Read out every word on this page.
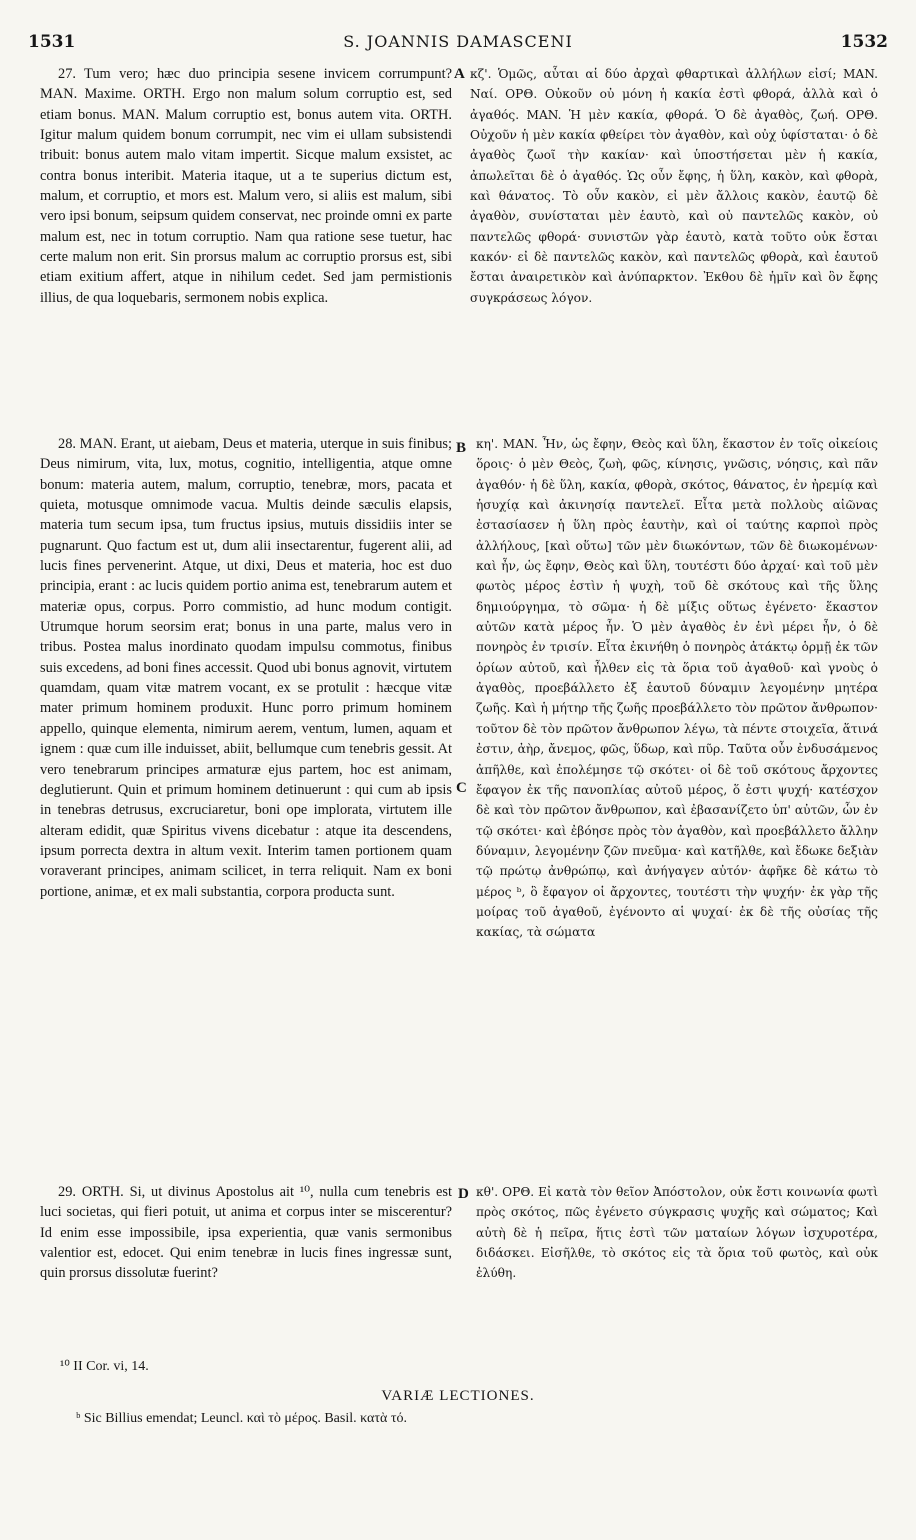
1531	S. JOANNIS DAMASCENI	1532

27. Tum vero; hæc duo principia sesene invicem corrumpunt? MAN. Maxime. ORTH. Ergo non malum solum corruptio est, sed etiam bonus. MAN. Malum corruptio est, bonus autem vita. ORTH. Igitur malum quidem bonum corrumpit, nec vim ei ullam subsistendi tribuit: bonus autem malo vitam impertit. Sicque malum exsistet, ac contra bonus interibit. Materia itaque, ut a te superius dictum est, malum, et corruptio, et mors est. Malum vero, si aliis est malum, sibi vero ipsi bonum, seipsum quidem conservat, nec proinde omni ex parte malum est, nec in totum corruptio. Nam qua ratione sese tuetur, hac certe malum non erit. Sin prorsus malum ac corruptio prorsus est, sibi etiam exitium affert, atque in nihilum cedet. Sed jam permistionis illius, de qua loquebaris, sermonem nobis explica.

A κζ'. Ὁμῶς, αὗται αἱ δύο ἀρχαὶ φθαρτικαὶ ἀλλήλων εἰσί; MAN. Ναί. ΟΡΘ. Οὐκοῦν οὐ μόνη ἡ κακία ἐστὶ φθορά, ἀλλὰ καὶ ὁ ἀγαθός. MAN. Ἡ μὲν κακία, φθορά. Ὁ δὲ ἀγαθὸς, ζωή. ΟΡΘ. Οὐχοῦν ἡ μὲν κακία φθείρει τὸν ἀγαθὸν, καὶ οὐχ ὑφίσταται· ὁ δὲ ἀγαθὸς ζωοῖ τὴν κακίαν· καὶ ὑποστήσεται μὲν ἡ κακία, ἀπωλεῖται δὲ ὁ ἀγαθός. Ὡς οὖν ἔφης, ἡ ὕλη, κακὸν, καὶ φθορὰ, καὶ θάνατος. Τὸ οὖν κακὸν, εἰ μὲν ἄλλοις κακὸν, ἑαυτῷ δὲ ἀγαθὸν, συνίσταται μὲν ἑαυτὸ, καὶ οὐ παντελῶς κακὸν, οὐ παντελῶς φθορά· συνιστῶν γὰρ ἑαυτὸ, κατὰ τοῦτο οὐκ ἔσται κακόν· εἰ δὲ παντελῶς κακὸν, καὶ παντελῶς φθορὰ, καὶ ἑαυτοῦ ἔσται ἀναιρετικὸν καὶ ἀνύπαρκτον. Ἐκθου δὲ ἡμῖν καὶ ὃν ἔφης συγκράσεως λόγον.

28. MAN. Erant, ut aiebam, Deus et materia, uterque in suis finibus; Deus nimirum, vita, lux, motus, cognitio, intelligentia, atque omne bonum: materia autem, malum, corruptio, tenebræ, mors, pacata et quieta, motusque omnimode vacua. Multis deinde sæculis elapsis, materia tum secum ipsa, tum fructus ipsius, mutuis dissidiis inter se pugnarunt. Quo factum est ut, dum alii insectarentur, fugerent alii, ad lucis fines pervenerint. Atque, ut dixi, Deus et materia, hoc est duo principia, erant : ac lucis quidem portio anima est, tenebrarum autem et materiæ opus, corpus. Porro commistio, ad hunc modum contigit. Utrumque horum seorsim erat; bonus in una parte, malus vero in tribus. Postea malus inordinato quodam impulsu commotus, finibus suis excedens, ad boni fines accessit. Quod ubi bonus agnovit, virtutem quamdam, quam vitæ matrem vocant, ex se protulit : hæcque vitæ mater primum hominem produxit. Hunc porro primum hominem appello, quinque elementa, nimirum aerem, ventum, lumen, aquam et ignem : quæ cum ille induisset, abiit, bellumque cum tenebris gessit. At vero tenebrarum principes armaturæ ejus partem, hoc est animam, deglutierunt. Quin et primum hominem detinuerunt : qui cum ab ipsis in tenebras detrusus, excruciaretur, boni ope implorata, virtutem ille alteram edidit, quæ Spiritus vivens dicebatur : atque ita descendens, ipsum porrecta dextra in altum vexit. Interim tamen portionem quam voraverant principes, animam scilicet, in terra reliquit. Nam ex boni portione, animæ, et ex mali substantia, corpora producta sunt.

B
C

κη'. MAN. Ἦν, ὡς ἔφην, Θεὸς καὶ ὕλη, ἕκαστον ἐν τοῖς οἰκείοις ὅροις· ὁ μὲν Θεὸς, ζωὴ, φῶς, κίνησις, γνῶσις, νόησις, καὶ πᾶν ἀγαθόν· ἡ δὲ ὕλη, κακία, φθορὰ, σκότος, θάνατος, ἐν ἠρεμίᾳ καὶ ἡσυχίᾳ καὶ ἀκινησίᾳ παντελεῖ. Εἶτα μετὰ πολλοὺς αἰῶνας ἐστασίασεν ἡ ὕλη πρὸς ἑαυτὴν, καὶ οἱ ταύτης καρποὶ πρὸς ἀλλήλους, [καὶ οὕτω] τῶν μὲν διωκόντων, τῶν δὲ διωκομένων· καὶ ἦν, ὡς ἔφην, Θεὸς καὶ ὕλη, τουτέστι δύο ἀρχαί· καὶ τοῦ μὲν φωτὸς μέρος ἐστὶν ἡ ψυχὴ, τοῦ δὲ σκότους καὶ τῆς ὕλης δημιούργημα, τὸ σῶμα· ἡ δὲ μίξις οὕτως ἐγένετο· ἕκαστον αὐτῶν κατὰ μέρος ἦν. Ὁ μὲν ἀγαθὸς ἐν ἑνὶ μέρει ἦν, ὁ δὲ πονηρὸς ἐν τρισίν. Εἶτα ἐκινήθη ὁ πονηρὸς ἀτάκτῳ ὁρμῇ ἐκ τῶν ὁρίων αὐτοῦ, καὶ ἦλθεν εἰς τὰ ὅρια τοῦ ἀγαθοῦ· καὶ γνοὺς ὁ ἀγαθὸς, προεβάλλετο ἐξ ἑαυτοῦ δύναμιν λεγομένην μητέρα ζωῆς. Καὶ ἡ μήτηρ τῆς ζωῆς προεβάλλετο τὸν πρῶτον ἄνθρωπον· τοῦτον δὲ τὸν πρῶτον ἄνθρωπον λέγω, τὰ πέντε στοιχεῖα, ἅτινά ἐστιν, ἀὴρ, ἄνεμος, φῶς, ὕδωρ, καὶ πῦρ. Ταῦτα οὖν ἐνδυσάμενος ἀπῆλθε, καὶ ἐπολέμησε τῷ σκότει· οἱ δὲ τοῦ σκότους ἄρχοντες ἔφαγον ἐκ τῆς πανοπλίας αὐτοῦ μέρος, ὅ ἐστι ψυχή· κατέσχον δὲ καὶ τὸν πρῶτον ἄνθρωπον, καὶ ἐβασανίζετο ὑπ' αὐτῶν, ὧν ἐν τῷ σκότει· καὶ ἐβόησε πρὸς τὸν ἀγαθὸν, καὶ προεβάλλετο ἄλλην δύναμιν, λεγομένην ζῶν πνεῦμα· καὶ κατῆλθε, καὶ ἔδωκε δεξιὰν τῷ πρώτῳ ἀνθρώπῳ, καὶ ἀνήγαγεν αὐτόν· ἀφῆκε δὲ κάτω τὸ μέρος ᵇ, ὃ ἔφαγον οἱ ἄρχοντες, τουτέστι τὴν ψυχήν· ἐκ γὰρ τῆς μοίρας τοῦ ἀγαθοῦ, ἐγένοντο αἱ ψυχαί· ἐκ δὲ τῆς οὐσίας τῆς κακίας, τὰ σώματα

29. ORTH. Si, ut divinus Apostolus ait ¹⁰, nulla cum tenebris est luci societas, qui fieri potuit, ut anima et corpus inter se miscerentur? Id enim esse impossibile, ipsa experientia, quæ vanis sermonibus valentior est, edocet. Qui enim tenebræ in lucis fines ingressæ sunt, quin prorsus dissolutæ fuerint?

D κθ'. ΟΡΘ. Εἰ κατὰ τὸν θεῖον Ἀπόστολον, οὐκ ἔστι κοινωνία φωτὶ πρὸς σκότος, πῶς ἐγένετο σύγκρασις ψυχῆς καὶ σώματος; Καὶ αὐτὴ δὲ ἡ πεῖρα, ἥτις ἐστὶ τῶν ματαίων λόγων ἰσχυροτέρα, διδάσκει. Εἰσῆλθε, τὸ σκότος εἰς τὰ ὅρια τοῦ φωτὸς, καὶ οὐκ ἐλύθη.

¹⁰ II Cor. vi, 14.
VARIÆ LECTIONES.
ᵇ Sic Billius emendat; Leuncl. καὶ τὸ μέρος. Basil. κατὰ τό.
